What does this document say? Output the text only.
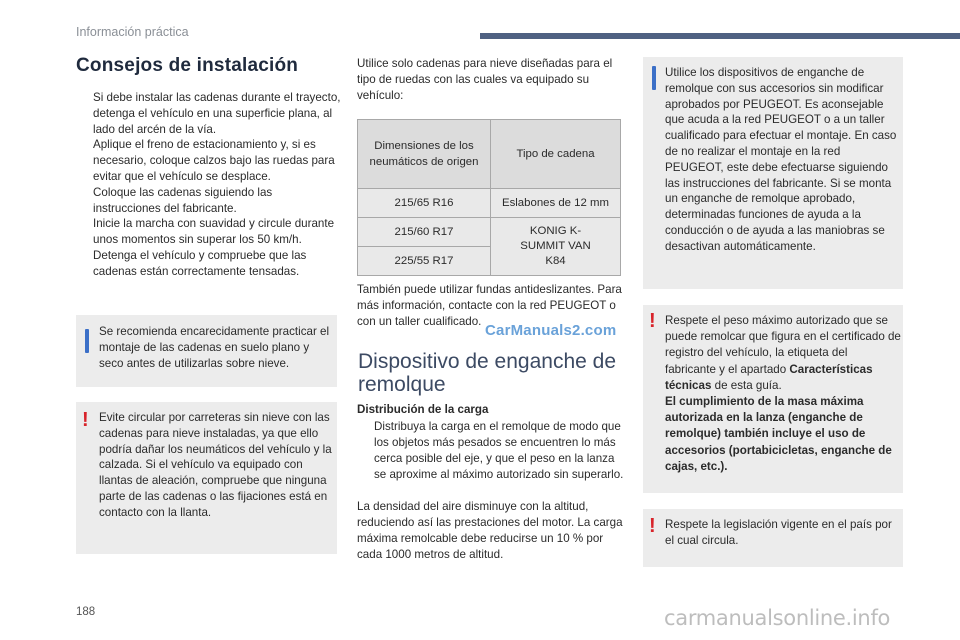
Información práctica
Consejos de instalación
Si debe instalar las cadenas durante el trayecto, detenga el vehículo en una superficie plana, al lado del arcén de la vía.
Aplique el freno de estacionamiento y, si es necesario, coloque calzos bajo las ruedas para evitar que el vehículo se desplace.
Coloque las cadenas siguiendo las instrucciones del fabricante.
Inicie la marcha con suavidad y circule durante unos momentos sin superar los 50 km/h.
Detenga el vehículo y compruebe que las cadenas están correctamente tensadas.
Se recomienda encarecidamente practicar el montaje de las cadenas en suelo plano y seco antes de utilizarlas sobre nieve.
! Evite circular por carreteras sin nieve con las cadenas para nieve instaladas, ya que ello podría dañar los neumáticos del vehículo y la calzada. Si el vehículo va equipado con llantas de aleación, compruebe que ninguna parte de las cadenas o las fijaciones está en contacto con la llanta.
Utilice solo cadenas para nieve diseñadas para el tipo de ruedas con las cuales va equipado su vehículo:
Dimensiones de los neumáticos de origen	Tipo de cadena
215/65 R16	Eslabones de 12 mm
215/60 R17	KONIG K-SUMMIT VAN K84
225/55 R17	
También puede utilizar fundas antideslizantes. Para más información, contacte con la red PEUGEOT o con un taller cualificado.
CarManuals2.com
Dispositivo de enganche de remolque
Distribución de la carga
Distribuya la carga en el remolque de modo que los objetos más pesados se encuentren lo más cerca posible del eje, y que el peso en la lanza se aproxime al máximo autorizado sin superarlo.
La densidad del aire disminuye con la altitud, reduciendo así las prestaciones del motor. La carga máxima remolcable debe reducirse un 10 % por cada 1000 metros de altitud.
Utilice los dispositivos de enganche de remolque con sus accesorios sin modificar aprobados por PEUGEOT. Es aconsejable que acuda a la red PEUGEOT o a un taller cualificado para efectuar el montaje. En caso de no realizar el montaje en la red PEUGEOT, este debe efectuarse siguiendo las instrucciones del fabricante. Si se monta un enganche de remolque aprobado, determinadas funciones de ayuda a la conducción o de ayuda a las maniobras se desactivan automáticamente.
! Respete el peso máximo autorizado que se puede remolcar que figura en el certificado de registro del vehículo, la etiqueta del fabricante y el apartado Características técnicas de esta guía.
El cumplimiento de la masa máxima autorizada en la lanza (enganche de remolque) también incluye el uso de accesorios (portabicicletas, enganche de cajas, etc.).
! Respete la legislación vigente en el país por el cual circula.
188	carmanualsonline.info
